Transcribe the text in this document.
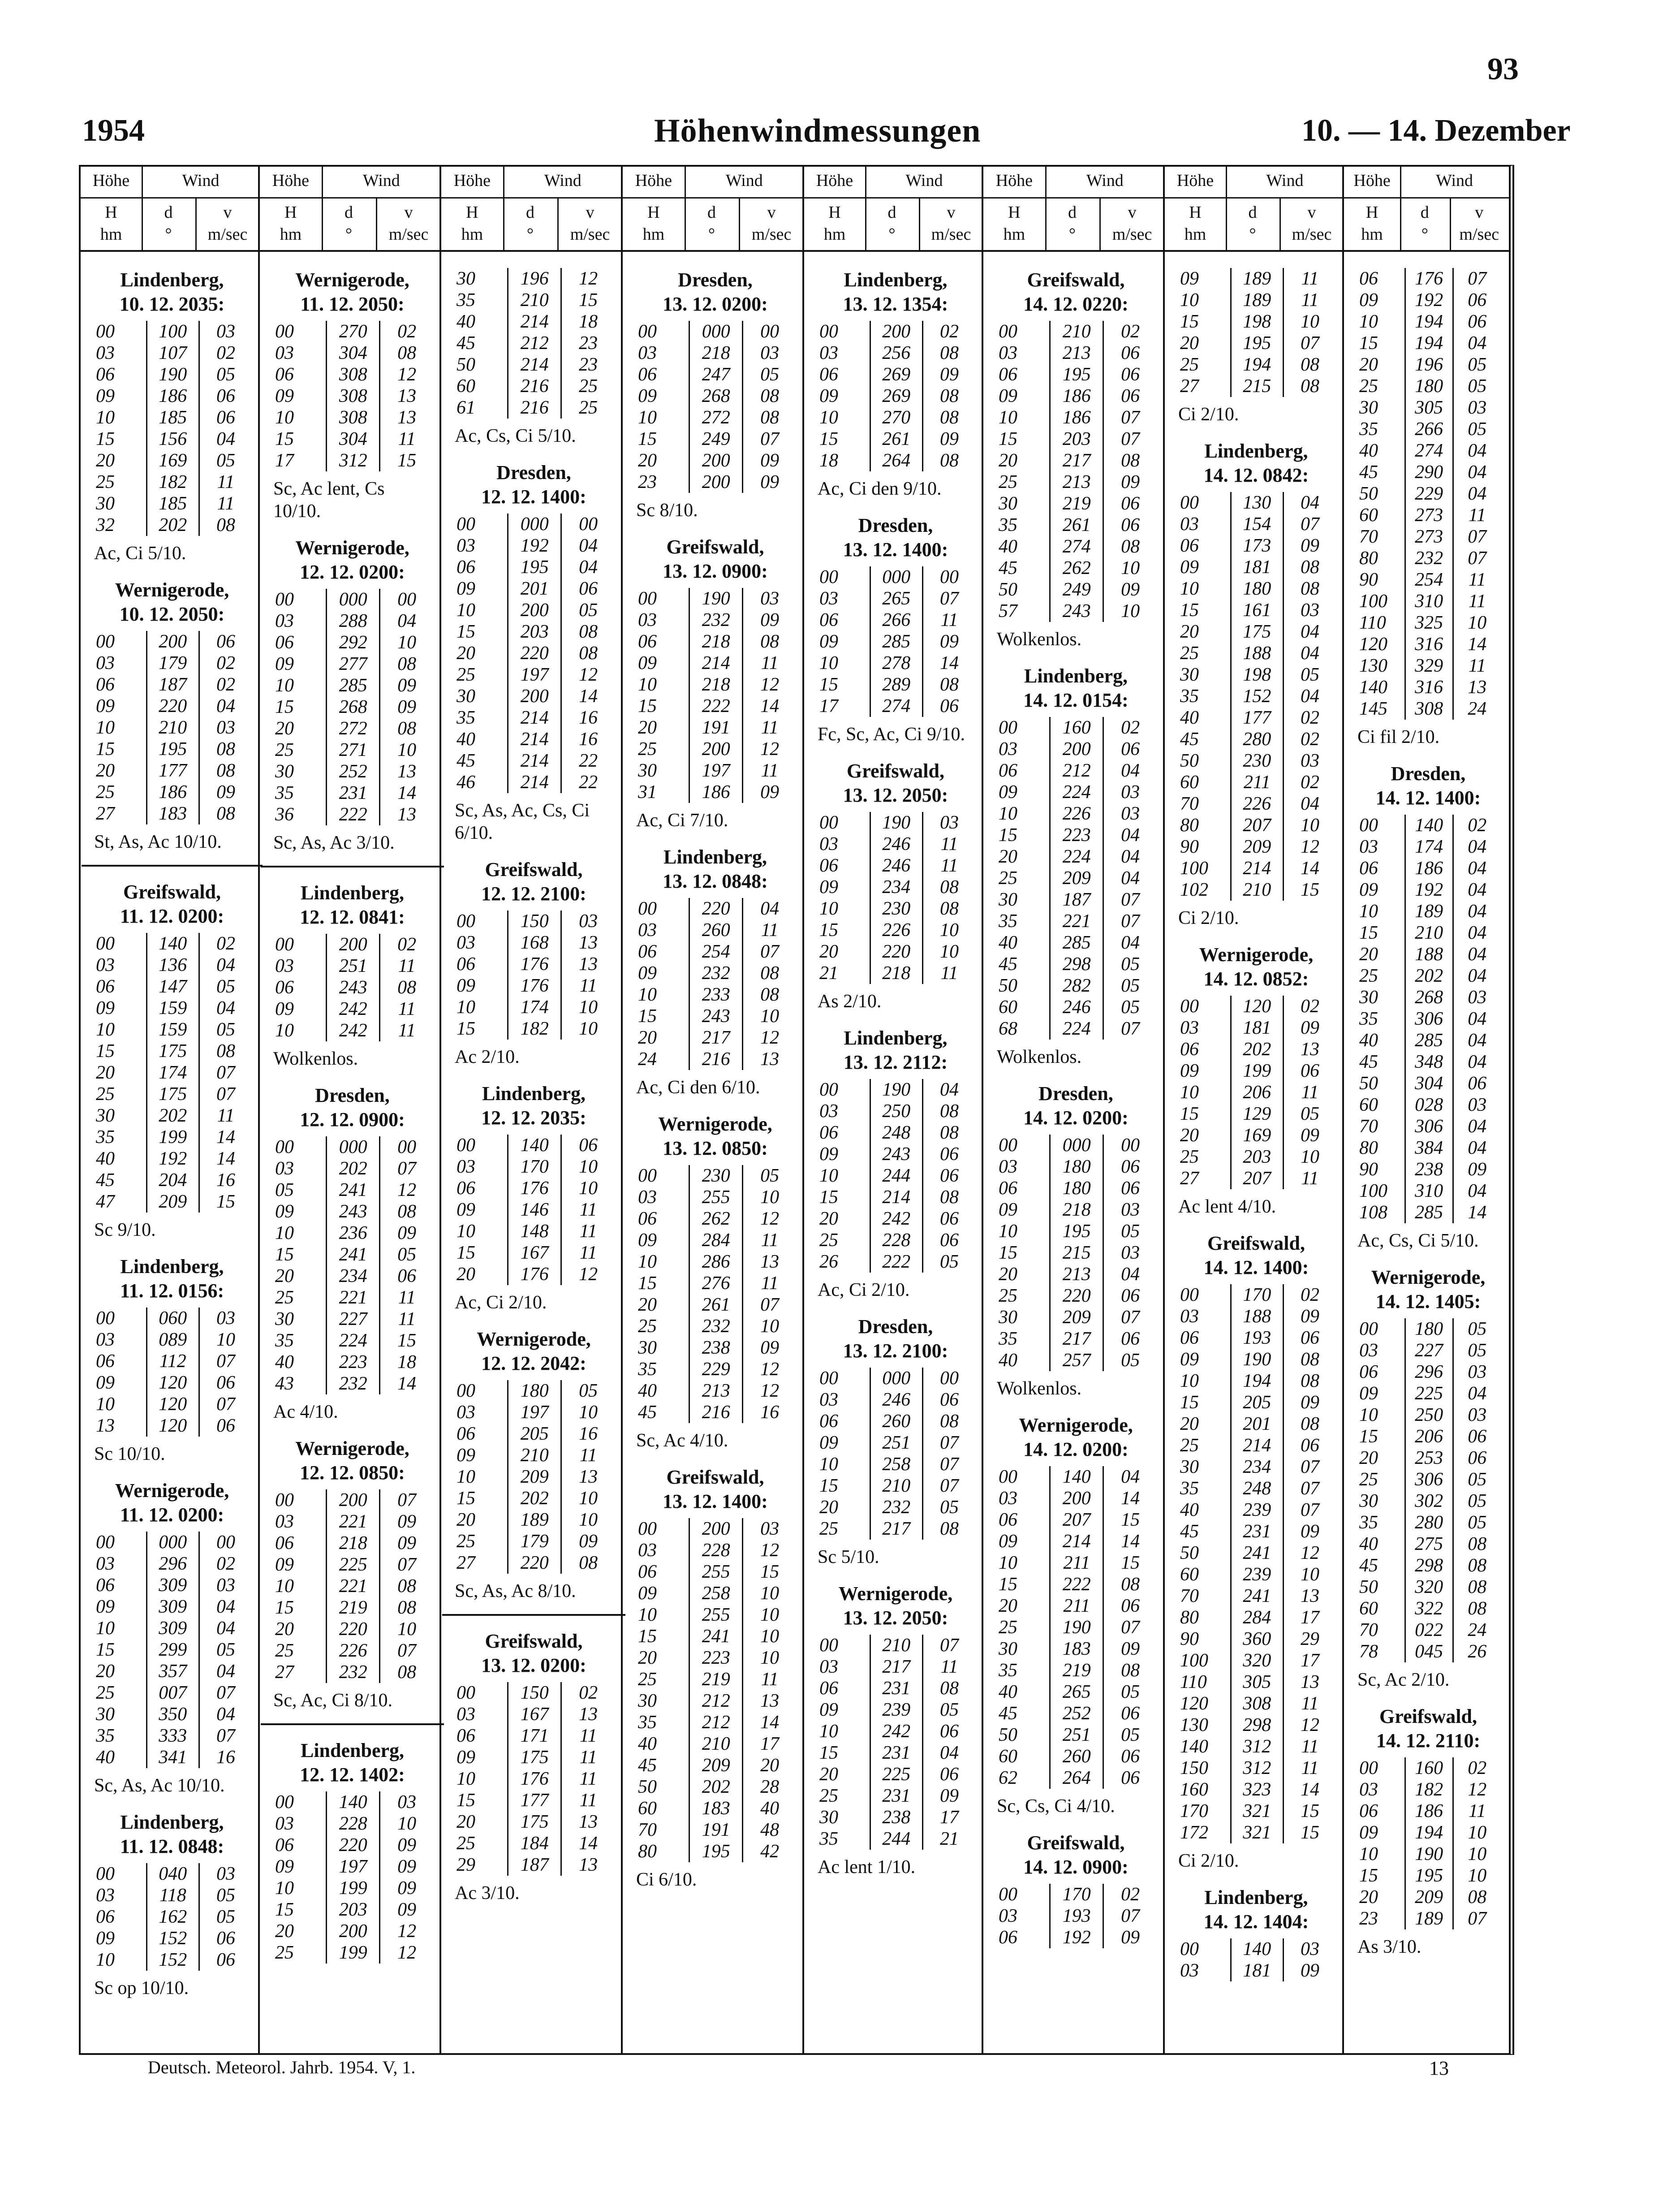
93
1954	Höhenwindmessungen	10. — 14. Dezember
Höhe	Wind
H
hm
d
°
v
m/sec
Lindenberg,
10. 12. 2035:
00	100	03
03	107	02
06	190	05
09	186	06
10	185	06
15	156	04
20	169	05
25	182	11
30	185	11
32	202	08
Ac, Ci 5/10.
Wernigerode,
10. 12. 2050:
00	200	06
03	179	02
06	187	02
09	220	04
10	210	03
15	195	08
20	177	08
25	186	09
27	183	08
St, As, Ac 10/10.
Greifswald,
11. 12. 0200:
00	140	02
03	136	04
06	147	05
09	159	04
10	159	05
15	175	08
20	174	07
25	175	07
30	202	11
35	199	14
40	192	14
45	204	16
47	209	15
Sc 9/10.
Lindenberg,
11. 12. 0156:
00	060	03
03	089	10
06	112	07
09	120	06
10	120	07
13	120	06
Sc 10/10.
Wernigerode,
11. 12. 0200:
00	000	00
03	296	02
06	309	03
09	309	04
10	309	04
15	299	05
20	357	04
25	007	07
30	350	04
35	333	07
40	341	16
Sc, As, Ac 10/10.
Lindenberg,
11. 12. 0848:
00	040	03
03	118	05
06	162	05
09	152	06
10	152	06
Sc op 10/10.
Höhe	Wind
H
hm
d
°
v
m/sec
Wernigerode,
11. 12. 2050:
00	270	02
03	304	08
06	308	12
09	308	13
10	308	13
15	304	11
17	312	15
Sc, Ac lent, Cs 10/10.
Wernigerode,
12. 12. 0200:
00	000	00
03	288	04
06	292	10
09	277	08
10	285	09
15	268	09
20	272	08
25	271	10
30	252	13
35	231	14
36	222	13
Sc, As, Ac 3/10.
Lindenberg,
12. 12. 0841:
00	200	02
03	251	11
06	243	08
09	242	11
10	242	11
Wolkenlos.
Dresden,
12. 12. 0900:
00	000	00
03	202	07
05	241	12
09	243	08
10	236	09
15	241	05
20	234	06
25	221	11
30	227	11
35	224	15
40	223	18
43	232	14
Ac 4/10.
Wernigerode,
12. 12. 0850:
00	200	07
03	221	09
06	218	09
09	225	07
10	221	08
15	219	08
20	220	10
25	226	07
27	232	08
Sc, Ac, Ci 8/10.
Lindenberg,
12. 12. 1402:
00	140	03
03	228	10
06	220	09
09	197	09
10	199	09
15	203	09
20	200	12
25	199	12
Höhe	Wind
H
hm
d
°
v
m/sec
30	196	12
35	210	15
40	214	18
45	212	23
50	214	23
60	216	25
61	216	25
Ac, Cs, Ci 5/10.
Dresden,
12. 12. 1400:
00	000	00
03	192	04
06	195	04
09	201	06
10	200	05
15	203	08
20	220	08
25	197	12
30	200	14
35	214	16
40	214	16
45	214	22
46	214	22
Sc, As, Ac, Cs, Ci 6/10.
Greifswald,
12. 12. 2100:
00	150	03
03	168	13
06	176	13
09	176	11
10	174	10
15	182	10
Ac 2/10.
Lindenberg,
12. 12. 2035:
00	140	06
03	170	10
06	176	10
09	146	11
10	148	11
15	167	11
20	176	12
Ac, Ci 2/10.
Wernigerode,
12. 12. 2042:
00	180	05
03	197	10
06	205	16
09	210	11
10	209	13
15	202	10
20	189	10
25	179	09
27	220	08
Sc, As, Ac 8/10.
Greifswald,
13. 12. 0200:
00	150	02
03	167	13
06	171	11
09	175	11
10	176	11
15	177	11
20	175	13
25	184	14
29	187	13
Ac 3/10.
Höhe	Wind
H
hm
d
°
v
m/sec
Dresden,
13. 12. 0200:
00	000	00
03	218	03
06	247	05
09	268	08
10	272	08
15	249	07
20	200	09
23	200	09
Sc 8/10.
Greifswald,
13. 12. 0900:
00	190	03
03	232	09
06	218	08
09	214	11
10	218	12
15	222	14
20	191	11
25	200	12
30	197	11
31	186	09
Ac, Ci 7/10.
Lindenberg,
13. 12. 0848:
00	220	04
03	260	11
06	254	07
09	232	08
10	233	08
15	243	10
20	217	12
24	216	13
Ac, Ci den 6/10.
Wernigerode,
13. 12. 0850:
00	230	05
03	255	10
06	262	12
09	284	11
10	286	13
15	276	11
20	261	07
25	232	10
30	238	09
35	229	12
40	213	12
45	216	16
Sc, Ac 4/10.
Greifswald,
13. 12. 1400:
00	200	03
03	228	12
06	255	15
09	258	10
10	255	10
15	241	10
20	223	10
25	219	11
30	212	13
35	212	14
40	210	17
45	209	20
50	202	28
60	183	40
70	191	48
80	195	42
Ci 6/10.
Höhe	Wind
H
hm
d
°
v
m/sec
Lindenberg,
13. 12. 1354:
00	200	02
03	256	08
06	269	09
09	269	08
10	270	08
15	261	09
18	264	08
Ac, Ci den 9/10.
Dresden,
13. 12. 1400:
00	000	00
03	265	07
06	266	11
09	285	09
10	278	14
15	289	08
17	274	06
Fc, Sc, Ac, Ci 9/10.
Greifswald,
13. 12. 2050:
00	190	03
03	246	11
06	246	11
09	234	08
10	230	08
15	226	10
20	220	10
21	218	11
As 2/10.
Lindenberg,
13. 12. 2112:
00	190	04
03	250	08
06	248	08
09	243	06
10	244	06
15	214	08
20	242	06
25	228	06
26	222	05
Ac, Ci 2/10.
Dresden,
13. 12. 2100:
00	000	00
03	246	06
06	260	08
09	251	07
10	258	07
15	210	07
20	232	05
25	217	08
Sc 5/10.
Wernigerode,
13. 12. 2050:
00	210	07
03	217	11
06	231	08
09	239	05
10	242	06
15	231	04
20	225	06
25	231	09
30	238	17
35	244	21
Ac lent 1/10.
Höhe	Wind
H
hm
d
°
v
m/sec
Greifswald,
14. 12. 0220:
00	210	02
03	213	06
06	195	06
09	186	06
10	186	07
15	203	07
20	217	08
25	213	09
30	219	06
35	261	06
40	274	08
45	262	10
50	249	09
57	243	10
Wolkenlos.
Lindenberg,
14. 12. 0154:
00	160	02
03	200	06
06	212	04
09	224	03
10	226	03
15	223	04
20	224	04
25	209	04
30	187	07
35	221	07
40	285	04
45	298	05
50	282	05
60	246	05
68	224	07
Wolkenlos.
Dresden,
14. 12. 0200:
00	000	00
03	180	06
06	180	06
09	218	03
10	195	05
15	215	03
20	213	04
25	220	06
30	209	07
35	217	06
40	257	05
Wolkenlos.
Wernigerode,
14. 12. 0200:
00	140	04
03	200	14
06	207	15
09	214	14
10	211	15
15	222	08
20	211	06
25	190	07
30	183	09
35	219	08
40	265	05
45	252	06
50	251	05
60	260	06
62	264	06
Sc, Cs, Ci 4/10.
Greifswald,
14. 12. 0900:
00	170	02
03	193	07
06	192	09
Höhe	Wind
H
hm
d
°
v
m/sec
09	189	11
10	189	11
15	198	10
20	195	07
25	194	08
27	215	08
Ci 2/10.
Lindenberg,
14. 12. 0842:
00	130	04
03	154	07
06	173	09
09	181	08
10	180	08
15	161	03
20	175	04
25	188	04
30	198	05
35	152	04
40	177	02
45	280	02
50	230	03
60	211	02
70	226	04
80	207	10
90	209	12
100	214	14
102	210	15
Ci 2/10.
Wernigerode,
14. 12. 0852:
00	120	02
03	181	09
06	202	13
09	199	06
10	206	11
15	129	05
20	169	09
25	203	10
27	207	11
Ac lent 4/10.
Greifswald,
14. 12. 1400:
00	170	02
03	188	09
06	193	06
09	190	08
10	194	08
15	205	09
20	201	08
25	214	06
30	234	07
35	248	07
40	239	07
45	231	09
50	241	12
60	239	10
70	241	13
80	284	17
90	360	29
100	320	17
110	305	13
120	308	11
130	298	12
140	312	11
150	312	11
160	323	14
170	321	15
172	321	15
Ci 2/10.
Lindenberg,
14. 12. 1404:
00	140	03
03	181	09
Höhe	Wind
H
hm
d
°
v
m/sec
06	176	07
09	192	06
10	194	06
15	194	04
20	196	05
25	180	05
30	305	03
35	266	05
40	274	04
45	290	04
50	229	04
60	273	11
70	273	07
80	232	07
90	254	11
100	310	11
110	325	10
120	316	14
130	329	11
140	316	13
145	308	24
Ci fil 2/10.
Dresden,
14. 12. 1400:
00	140	02
03	174	04
06	186	04
09	192	04
10	189	04
15	210	04
20	188	04
25	202	04
30	268	03
35	306	04
40	285	04
45	348	04
50	304	06
60	028	03
70	306	04
80	384	04
90	238	09
100	310	04
108	285	14
Ac, Cs, Ci 5/10.
Wernigerode,
14. 12. 1405:
00	180	05
03	227	05
06	296	03
09	225	04
10	250	03
15	206	06
20	253	06
25	306	05
30	302	05
35	280	05
40	275	08
45	298	08
50	320	08
60	322	08
70	022	24
78	045	26
Sc, Ac 2/10.
Greifswald,
14. 12. 2110:
00	160	02
03	182	12
06	186	11
09	194	10
10	190	10
15	195	10
20	209	08
23	189	07
As 3/10.
Deutsch. Meteorol. Jahrb. 1954. V, 1.	13
